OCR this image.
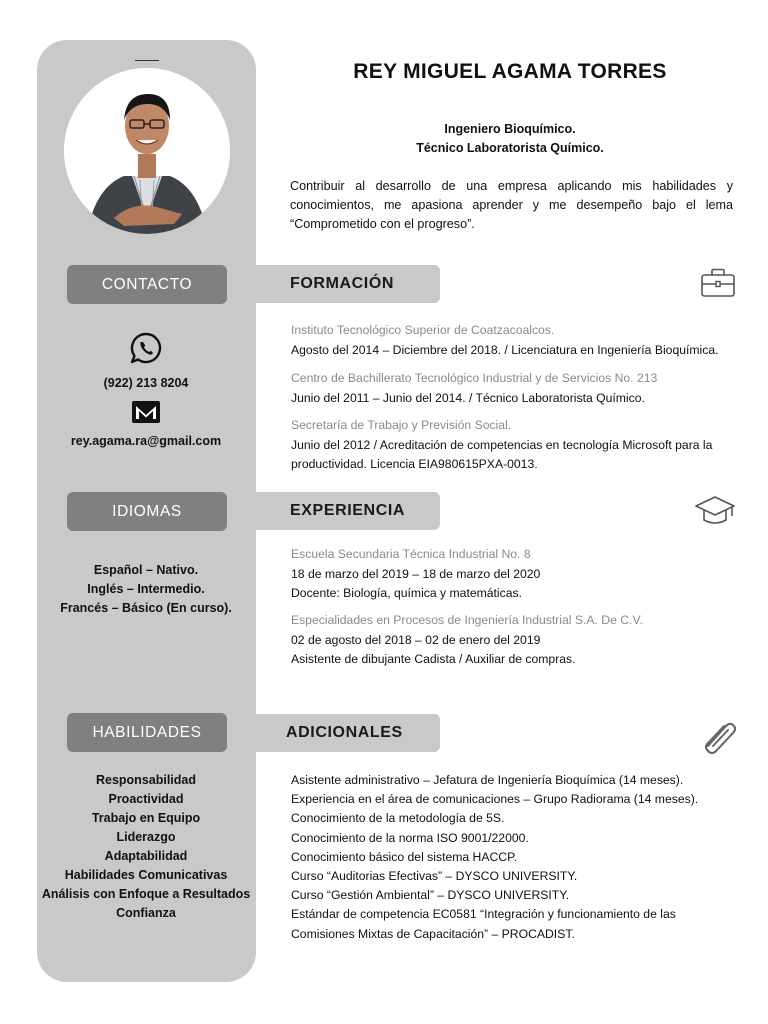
REY MIGUEL AGAMA TORRES
Ingeniero Bioquímico.
Técnico Laboratorista Químico.
Contribuir al desarrollo de una empresa aplicando mis habilidades y conocimientos, me apasiona aprender y me desempeño bajo el lema “Comprometido con el progreso”.
CONTACTO
(922) 213 8204
rey.agama.ra@gmail.com
IDIOMAS
Español – Nativo.
Inglés – Intermedio.
Francés – Básico (En curso).
HABILIDADES
Responsabilidad
Proactividad
Trabajo en Equipo
Liderazgo
Adaptabilidad
Habilidades Comunicativas
Análisis con Enfoque a Resultados
Confianza
FORMACIÓN
Instituto Tecnológico Superior de Coatzacoalcos.
Agosto del 2014 – Diciembre del 2018. / Licenciatura en Ingeniería Bioquímica.
Centro de Bachillerato Tecnológico Industrial y de Servicios No. 213
Junio del 2011 – Junio del 2014. / Técnico Laboratorista Químico.
Secretaría de Trabajo y Previsión Social.
Junio del 2012 / Acreditación de competencias en tecnología Microsoft para la productividad. Licencia EIA980615PXA-0013.
EXPERIENCIA
Escuela Secundaria Técnica Industrial No. 8
18 de marzo del 2019 – 18 de marzo del 2020
Docente: Biología, química y matemáticas.
Especialidades en Procesos de Ingeniería Industrial S.A. De C.V.
02 de agosto del 2018 – 02 de enero del 2019
Asistente de dibujante Cadista / Auxiliar de compras.
ADICIONALES
Asistente administrativo – Jefatura de Ingeniería Bioquímica (14 meses).
Experiencia en el área de comunicaciones – Grupo Radiorama (14 meses).
Conocimiento de la metodología de 5S.
Conocimiento de la norma ISO 9001/22000.
Conocimiento básico del sistema HACCP.
Curso “Auditorias Efectivas” – DYSCO UNIVERSITY.
Curso “Gestión Ambiental” – DYSCO UNIVERSITY.
Estándar de competencia EC0581 “Integración y funcionamiento de las
Comisiones Mixtas de Capacitación” – PROCADIST.
